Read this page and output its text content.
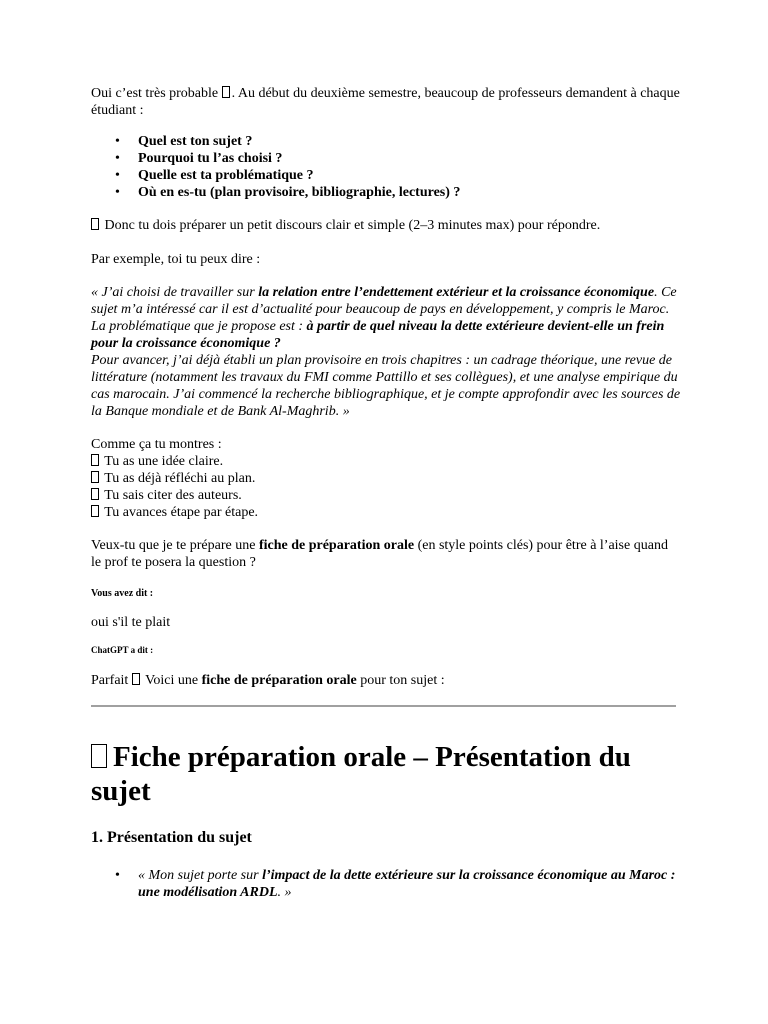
Oui c’est très probable . Au début du deuxième semestre, beaucoup de professeurs demandent à chaque étudiant :

• Quel est ton sujet ?
• Pourquoi tu l’as choisi ?
• Quelle est ta problématique ?
• Où en es-tu (plan provisoire, bibliographie, lectures) ?

Donc tu dois préparer un petit discours clair et simple (2–3 minutes max) pour répondre.

Par exemple, toi tu peux dire :

« J’ai choisi de travailler sur la relation entre l’endettement extérieur et la croissance économique. Ce sujet m’a intéressé car il est d’actualité pour beaucoup de pays en développement, y compris le Maroc. La problématique que je propose est : à partir de quel niveau la dette extérieure devient-elle un frein pour la croissance économique ?
Pour avancer, j’ai déjà établi un plan provisoire en trois chapitres : un cadrage théorique, une revue de littérature (notamment les travaux du FMI comme Pattillo et ses collègues), et une analyse empirique du cas marocain. J’ai commencé la recherche bibliographique, et je compte approfondir avec les sources de la Banque mondiale et de Bank Al-Maghrib. »

Comme ça tu montres :
Tu as une idée claire.
Tu as déjà réfléchi au plan.
Tu sais citer des auteurs.
Tu avances étape par étape.

Veux-tu que je te prépare une fiche de préparation orale (en style points clés) pour être à l’aise quand le prof te posera la question ?

Vous avez dit :

oui s'il te plait

ChatGPT a dit :

Parfait  Voici une fiche de préparation orale pour ton sujet :

Fiche préparation orale – Présentation du sujet
1. Présentation du sujet
• « Mon sujet porte sur l’impact de la dette extérieure sur la croissance économique au Maroc : une modélisation ARDL. »
